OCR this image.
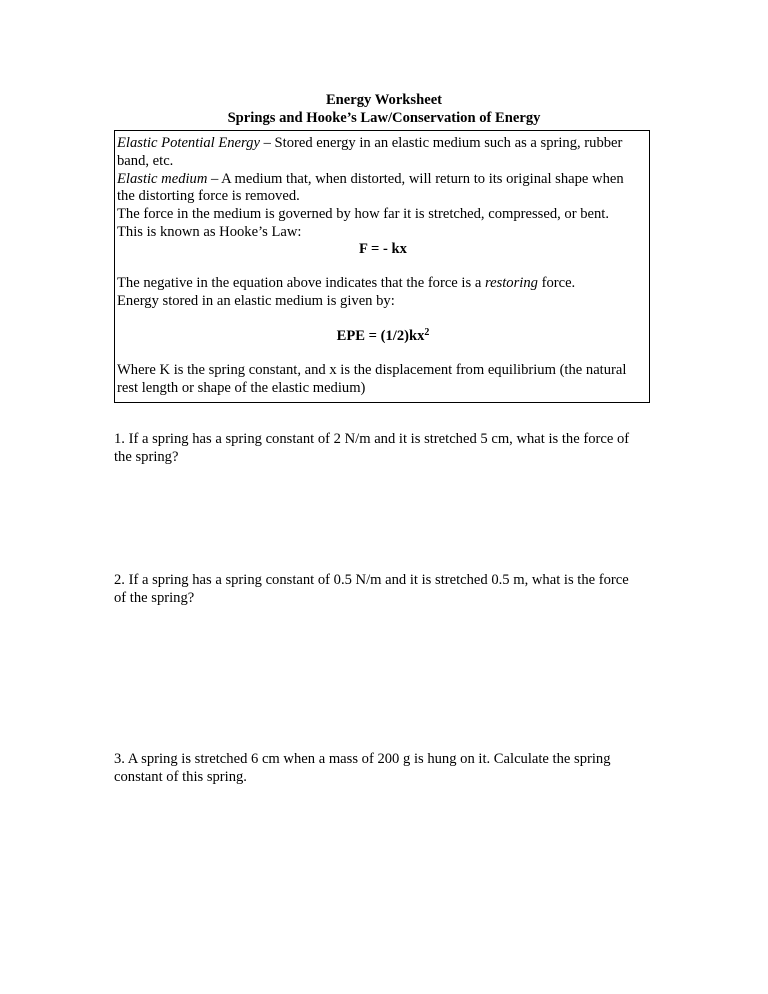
Energy Worksheet
Springs and Hooke’s Law/Conservation of Energy
Elastic Potential Energy – Stored energy in an elastic medium such as a spring, rubber
band, etc.
Elastic medium – A medium that, when distorted, will return to its original shape when
the distorting force is removed.
The force in the medium is governed by how far it is stretched, compressed, or bent.
This is known as Hooke’s Law:
F = - kx
The negative in the equation above indicates that the force is a restoring force.
Energy stored in an elastic medium is given by:
EPE = $(1/2)kx^2$
Where K is the spring constant, and x is the displacement from equilibrium (the natural
rest length or shape of the elastic medium)
1. If a spring has a spring constant of 2 N/m and it is stretched 5 cm, what is the force of
the spring?
2. If a spring has a spring constant of 0.5 N/m and it is stretched 0.5 m, what is the force
of the spring?
3. A spring is stretched 6 cm when a mass of 200 g is hung on it. Calculate the spring
constant of this spring.
